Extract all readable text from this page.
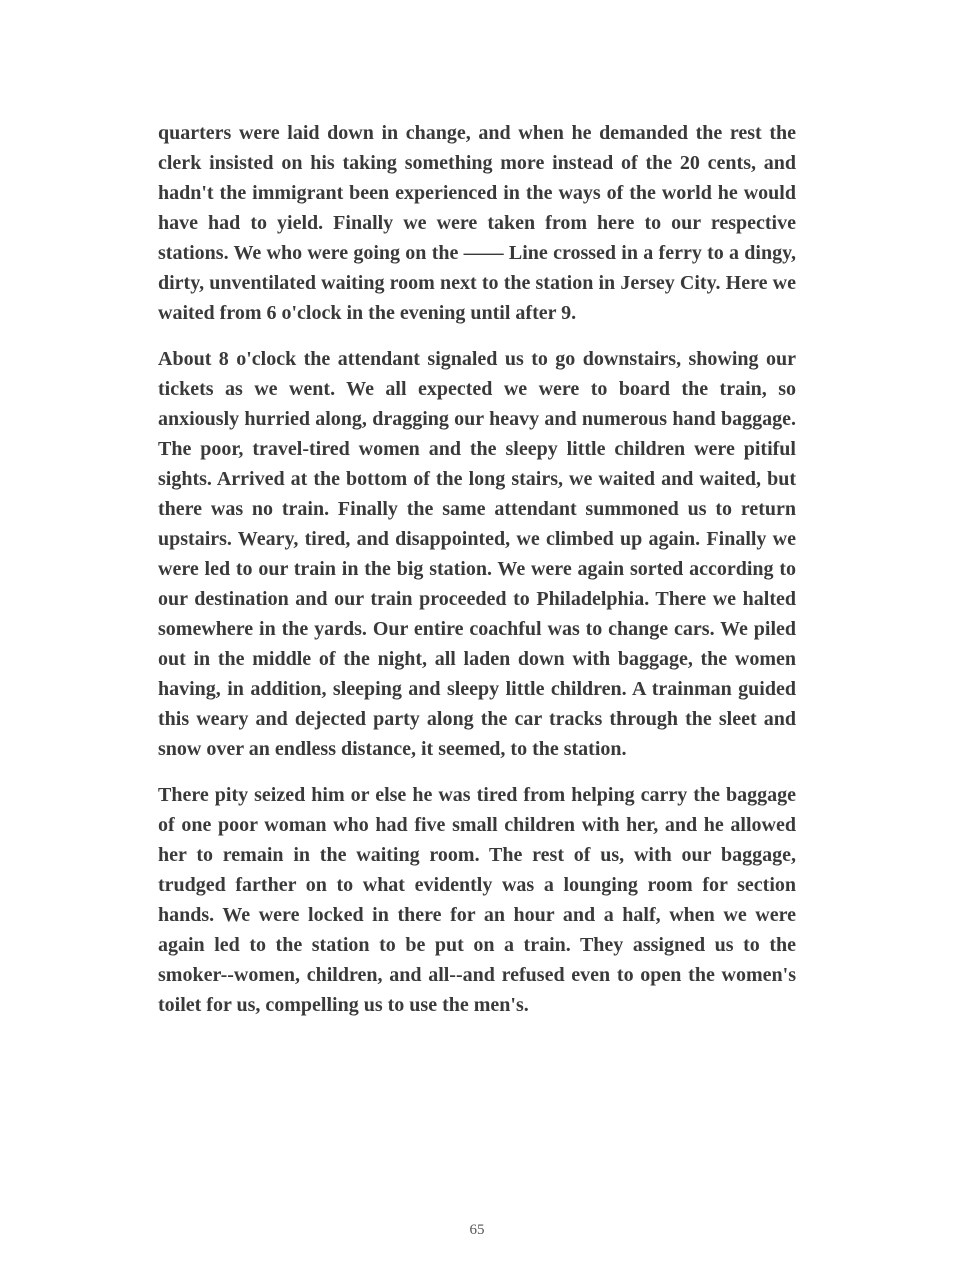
quarters were laid down in change, and when he demanded the rest the clerk insisted on his taking something more instead of the 20 cents, and hadn't the immigrant been experienced in the ways of the world he would have had to yield. Finally we were taken from here to our respective stations. We who were going on the –––– Line crossed in a ferry to a dingy, dirty, unventilated waiting room next to the station in Jersey City. Here we waited from 6 o'clock in the evening until after 9.

About 8 o'clock the attendant signaled us to go downstairs, showing our tickets as we went. We all expected we were to board the train, so anxiously hurried along, dragging our heavy and numerous hand baggage. The poor, travel-tired women and the sleepy little children were pitiful sights. Arrived at the bottom of the long stairs, we waited and waited, but there was no train. Finally the same attendant summoned us to return upstairs. Weary, tired, and disappointed, we climbed up again. Finally we were led to our train in the big station. We were again sorted according to our destination and our train proceeded to Philadelphia. There we halted somewhere in the yards. Our entire coachful was to change cars. We piled out in the middle of the night, all laden down with baggage, the women having, in addition, sleeping and sleepy little children. A trainman guided this weary and dejected party along the car tracks through the sleet and snow over an endless distance, it seemed, to the station.

There pity seized him or else he was tired from helping carry the baggage of one poor woman who had five small children with her, and he allowed her to remain in the waiting room. The rest of us, with our baggage, trudged farther on to what evidently was a lounging room for section hands. We were locked in there for an hour and a half, when we were again led to the station to be put on a train. They assigned us to the smoker--women, children, and all--and refused even to open the women's toilet for us, compelling us to use the men's.

65
